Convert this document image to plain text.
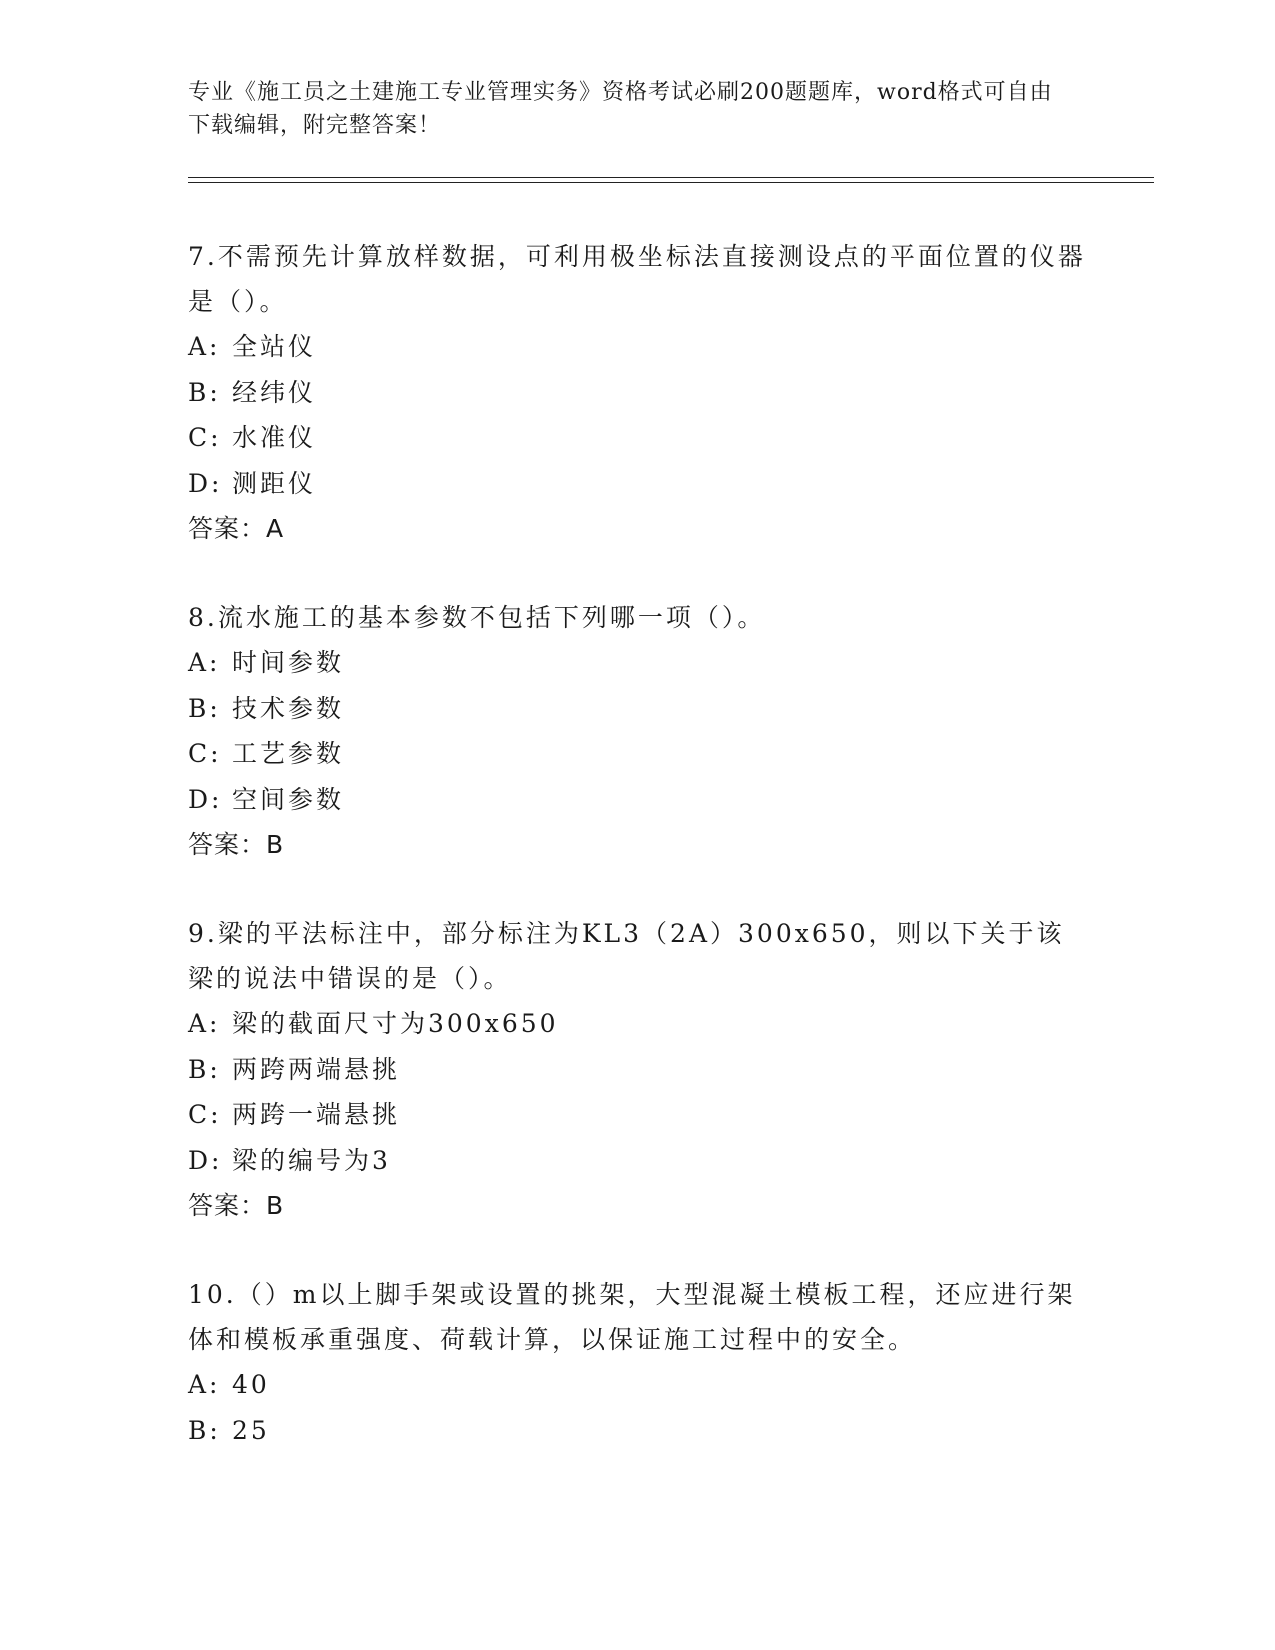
专业《施工员之土建施工专业管理实务》资格考试必刷200题题库，word格式可自由下载编辑，附完整答案！

7.不需预先计算放样数据，可利用极坐标法直接测设点的平面位置的仪器是（）。

A: 全站仪

B: 经纬仪

C: 水准仪

D: 测距仪

答案：A

8.流水施工的基本参数不包括下列哪一项（）。

A: 时间参数

B: 技术参数

C: 工艺参数

D: 空间参数

答案：B

9.梁的平法标注中，部分标注为KL3（2A）300x650，则以下关于该梁的说法中错误的是（）。

A: 梁的截面尺寸为300x650

B: 两跨两端悬挑

C: 两跨一端悬挑

D: 梁的编号为3

答案：B

10.（）m以上脚手架或设置的挑架，大型混凝土模板工程，还应进行架体和模板承重强度、荷载计算，以保证施工过程中的安全。

A: 40

B: 25
